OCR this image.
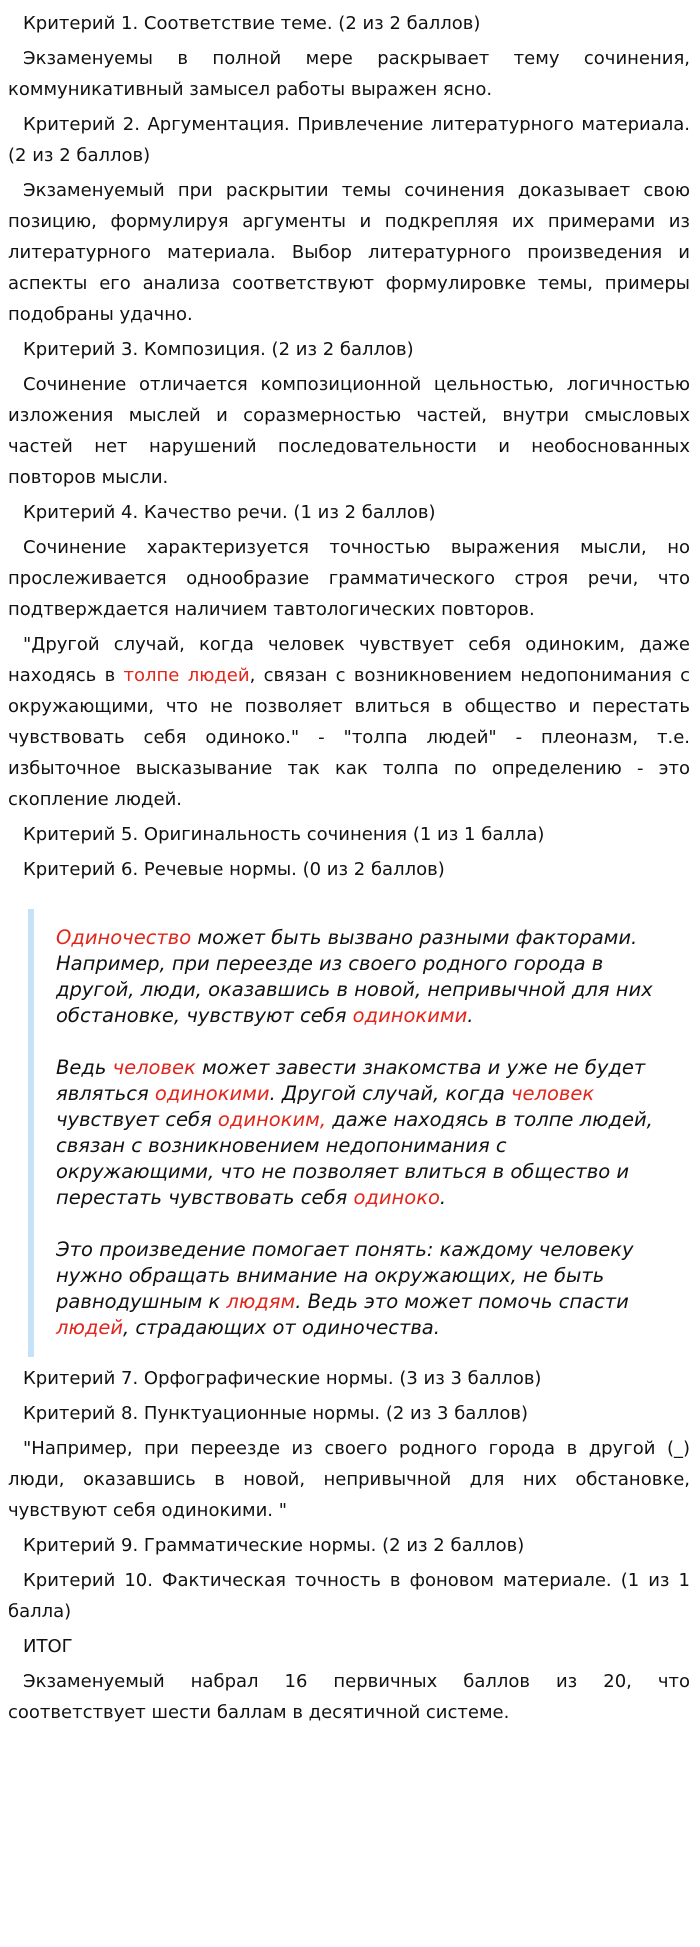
Критерий 1. Соответствие теме. (2 из 2 баллов)

Экзаменуемы в полной мере раскрывает тему сочинения, коммуникативный замысел работы выражен ясно.

Критерий 2. Аргументация. Привлечение литературного материала. (2 из 2 баллов)

Экзаменуемый при раскрытии темы сочинения доказывает свою позицию, формулируя аргументы и подкрепляя их примерами из литературного материала. Выбор литературного произведения и аспекты его анализа соответствуют формулировке темы, примеры подобраны удачно.

Критерий 3. Композиция. (2 из 2 баллов)

Сочинение отличается композиционной цельностью, логичностью изложения мыслей и соразмерностью частей, внутри смысловых частей нет нарушений последовательности и необоснованных повторов мысли.

Критерий 4. Качество речи. (1 из 2 баллов)

Сочинение характеризуется точностью выражения мысли, но прослеживается однообразие грамматического строя речи, что подтверждается наличием тавтологических повторов.

"Другой случай, когда человек чувствует себя одиноким, даже находясь в толпе людей, связан с возникновением недопонимания с окружающими, что не позволяет влиться в общество и перестать чувствовать себя одиноко." - "толпа людей" - плеоназм, т.е. избыточное высказывание так как толпа по определению - это скопление людей.

Критерий 5. Оригинальность сочинения (1 из 1 балла)

Критерий 6. Речевые нормы. (0 из 2 баллов)

Одиночество может быть вызвано разными факторами. Например, при переезде из своего родного города в другой, люди, оказавшись в новой, непривычной для них обстановке, чувствуют себя одинокими.
Ведь человек может завести знакомства и уже не будет являться одинокими. Другой случай, когда человек чувствует себя одиноким, даже находясь в толпе людей, связан с возникновением недопонимания с окружающими, что не позволяет влиться в общество и перестать чувствовать себя одиноко.
Это произведение помогает понять: каждому человеку нужно обращать внимание на окружающих, не быть равнодушным к людям. Ведь это может помочь спасти людей, страдающих от одиночества.

Критерий 7. Орфографические нормы. (3 из 3 баллов)

Критерий 8. Пунктуационные нормы. (2 из 3 баллов)

"Например, при переезде из своего родного города в другой (_) люди, оказавшись в новой, непривычной для них обстановке, чувствуют себя одинокими. "

Критерий 9. Грамматические нормы. (2 из 2 баллов)

Критерий 10. Фактическая точность в фоновом материале. (1 из 1 балла)

ИТОГ

Экзаменуемый набрал 16 первичных баллов из 20, что соответствует шести баллам в десятичной системе.
